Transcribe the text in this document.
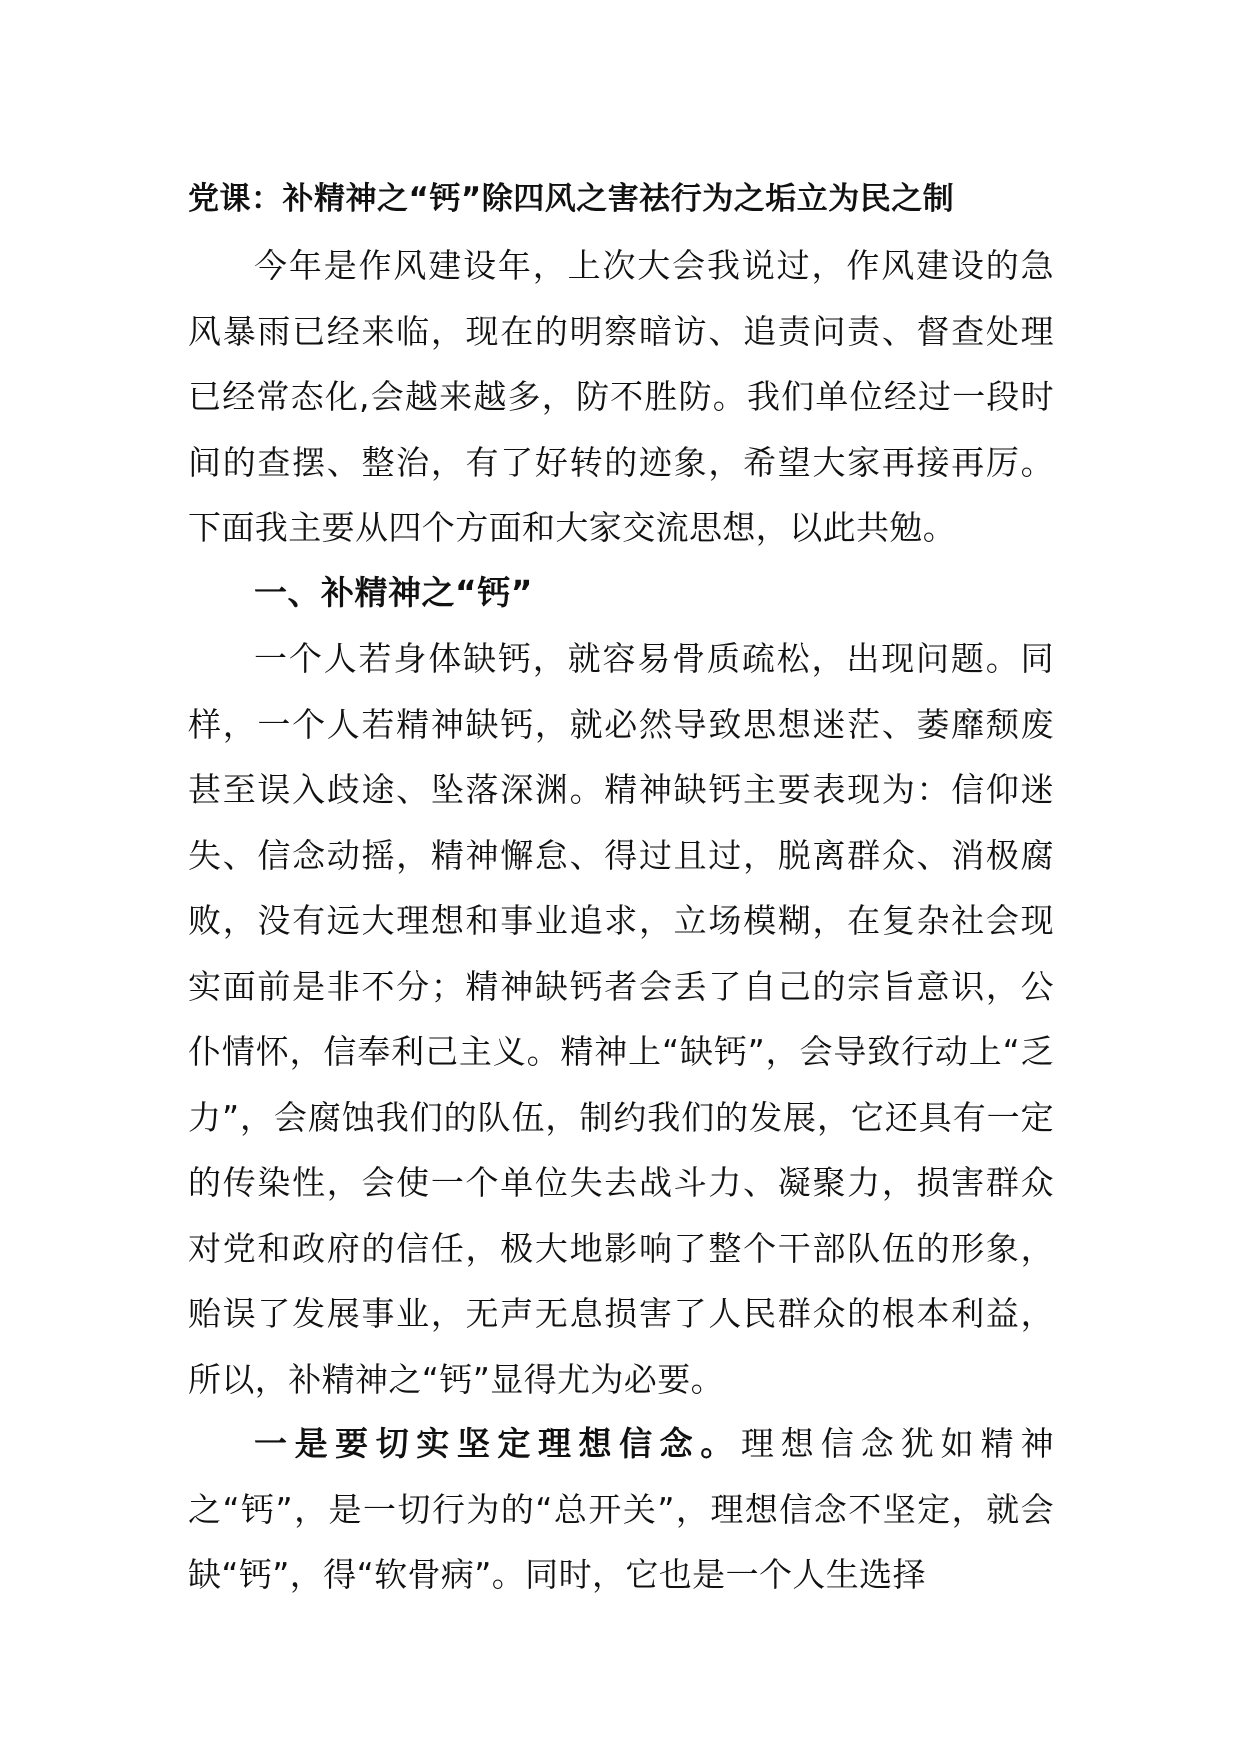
党课：补精神之“钙”除四风之害祛行为之垢立为民之制

今年是作风建设年，上次大会我说过，作风建设的急风暴雨已经来临，现在的明察暗访、追责问责、督查处理已经常态化,会越来越多，防不胜防。我们单位经过一段时间的查摆、整治，有了好转的迹象，希望大家再接再厉。下面我主要从四个方面和大家交流思想，以此共勉。

一、补精神之“钙”

一个人若身体缺钙，就容易骨质疏松，出现问题。同样，一个人若精神缺钙，就必然导致思想迷茫、萎靡颓废甚至误入歧途、坠落深渊。精神缺钙主要表现为：信仰迷失、信念动摇，精神懈怠、得过且过，脱离群众、消极腐败，没有远大理想和事业追求，立场模糊，在复杂社会现实面前是非不分；精神缺钙者会丢了自己的宗旨意识，公仆情怀，信奉利己主义。精神上“缺钙”，会导致行动上“乏力”，会腐蚀我们的队伍，制约我们的发展，它还具有一定的传染性，会使一个单位失去战斗力、凝聚力，损害群众对党和政府的信任，极大地影响了整个干部队伍的形象，贻误了发展事业，无声无息损害了人民群众的根本利益，所以，补精神之“钙”显得尤为必要。

一是要切实坚定理想信念。理想信念犹如精神之“钙”，是一切行为的“总开关”，理想信念不坚定，就会缺“钙”，得“软骨病”。同时，它也是一个人生选择
